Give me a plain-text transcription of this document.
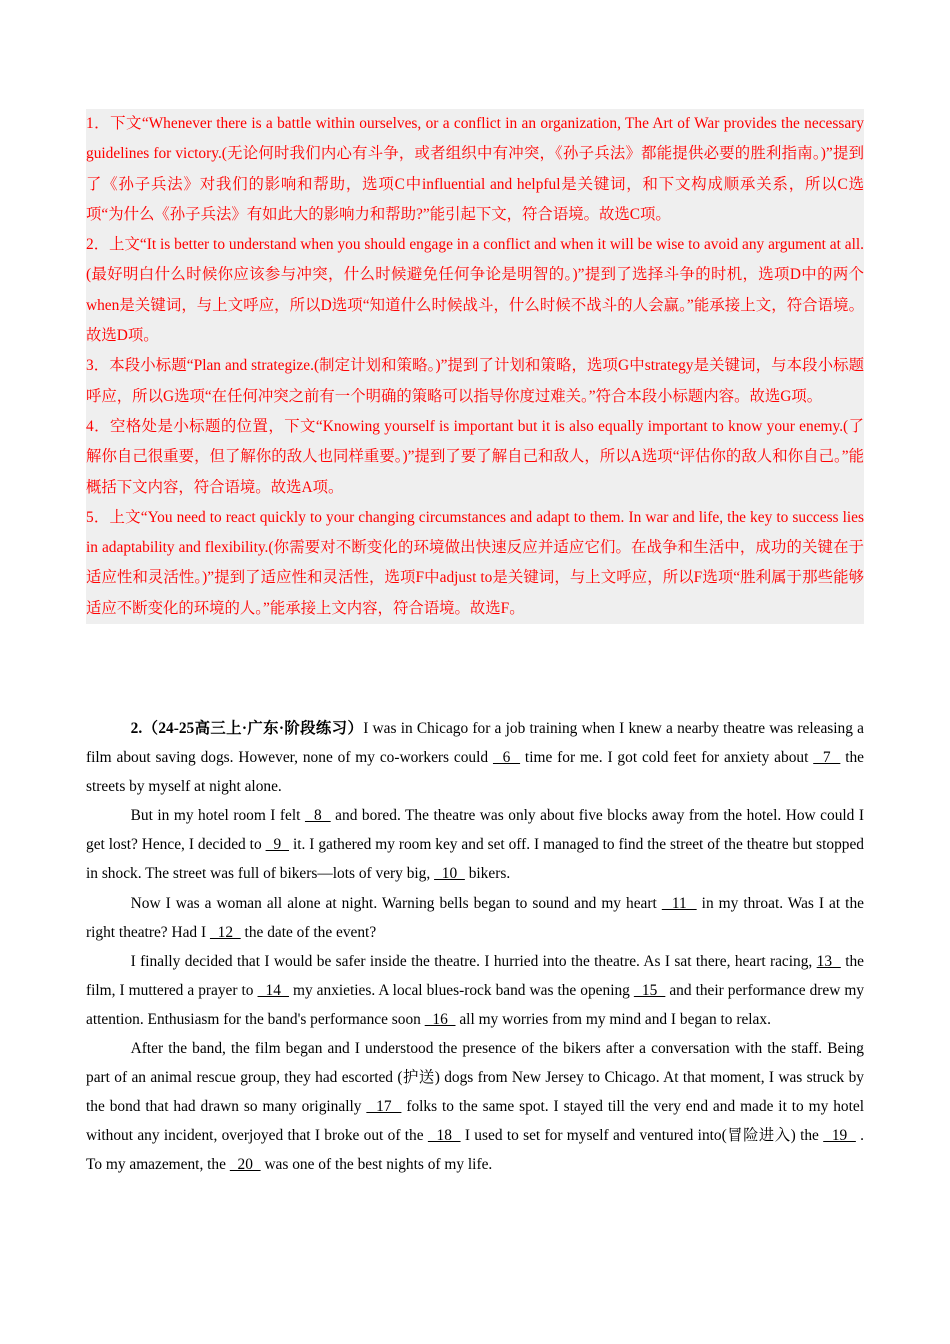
1．下文“Whenever there is a battle within ourselves, or a conflict in an organization, The Art of War provides the necessary guidelines for victory.(无论何时我们内心有斗争，或者组织中有冲突，《孙子兵法》都能提供必要的胜利指南。)”提到了《孙子兵法》对我们的影响和帮助，选项C中influential and helpful是关键词，和下文构成顺承关系，所以C选项“为什么《孙子兵法》有如此大的影响力和帮助?”能引起下文，符合语境。故选C项。

2．上文“It is better to understand when you should engage in a conflict and when it will be wise to avoid any argument at all.(最好明白什么时候你应该参与冲突，什么时候避免任何争论是明智的。)”提到了选择斗争的时机，选项D中的两个when是关键词，与上文呼应，所以D选项“知道什么时候战斗，什么时候不战斗的人会赢。”能承接上文，符合语境。故选D项。

3．本段小标题“Plan and strategize.(制定计划和策略。)”提到了计划和策略，选项G中strategy是关键词，与本段小标题呼应，所以G选项“在任何冲突之前有一个明确的策略可以指导你度过难关。”符合本段小标题内容。故选G项。

4．空格处是小标题的位置，下文“Knowing yourself is important but it is also equally important to know your enemy.(了解你自己很重要，但了解你的敌人也同样重要。)”提到了要了解自己和敌人，所以A选项“评估你的敌人和你自己。”能概括下文内容，符合语境。故选A项。

5．上文“You need to react quickly to your changing circumstances and adapt to them. In war and life, the key to success lies in adaptability and flexibility.(你需要对不断变化的环境做出快速反应并适应它们。在战争和生活中，成功的关键在于适应性和灵活性。)”提到了适应性和灵活性，选项F中adjust to是关键词，与上文呼应，所以F选项“胜利属于那些能够适应不断变化的环境的人。”能承接上文内容，符合语境。故选F。

2.（24-25高三上·广东·阶段练习）I was in Chicago for a job training when I knew a nearby theatre was releasing a film about saving dogs. However, none of my co-workers could   6   time for me. I got cold feet for anxiety about   7   the streets by myself at night alone.

But in my hotel room I felt   8   and bored. The theatre was only about five blocks away from the hotel. How could I get lost? Hence, I decided to   9   it. I gathered my room key and set off. I managed to find the street of the theatre but stopped in shock. The street was full of bikers—lots of very big,   10   bikers.

Now I was a woman all alone at night. Warning bells began to sound and my heart   11   in my throat. Was I at the right theatre? Had I   12   the date of the event?

I finally decided that I would be safer inside the theatre. I hurried into the theatre. As I sat there, heart racing, 13   the film, I muttered a prayer to   14   my anxieties. A local blues-rock band was the opening   15   and their performance drew my attention. Enthusiasm for the band's performance soon   16   all my worries from my mind and I began to relax.

After the band, the film began and I understood the presence of the bikers after a conversation with the staff. Being part of an animal rescue group, they had escorted (护送) dogs from New Jersey to Chicago. At that moment, I was struck by the bond that had drawn so many originally   17   folks to the same spot. I stayed till the very end and made it to my hotel without any incident, overjoyed that I broke out of the   18   I used to set for myself and ventured into(冒险进入) the   19   . To my amazement, the   20   was one of the best nights of my life.
